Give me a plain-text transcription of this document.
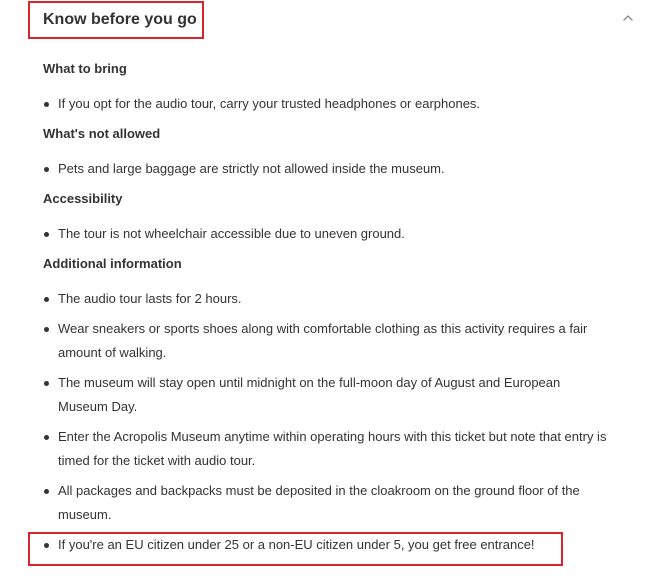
Know before you go

What to bring

If you opt for the audio tour, carry your trusted headphones or earphones.

What's not allowed

Pets and large baggage are strictly not allowed inside the museum.

Accessibility

The tour is not wheelchair accessible due to uneven ground.

Additional information

The audio tour lasts for 2 hours.
Wear sneakers or sports shoes along with comfortable clothing as this activity requires a fair amount of walking.
The museum will stay open until midnight on the full-moon day of August and European Museum Day.
Enter the Acropolis Museum anytime within operating hours with this ticket but note that entry is timed for the ticket with audio tour.
All packages and backpacks must be deposited in the cloakroom on the ground floor of the museum.
If you're an EU citizen under 25 or a non-EU citizen under 5, you get free entrance!
